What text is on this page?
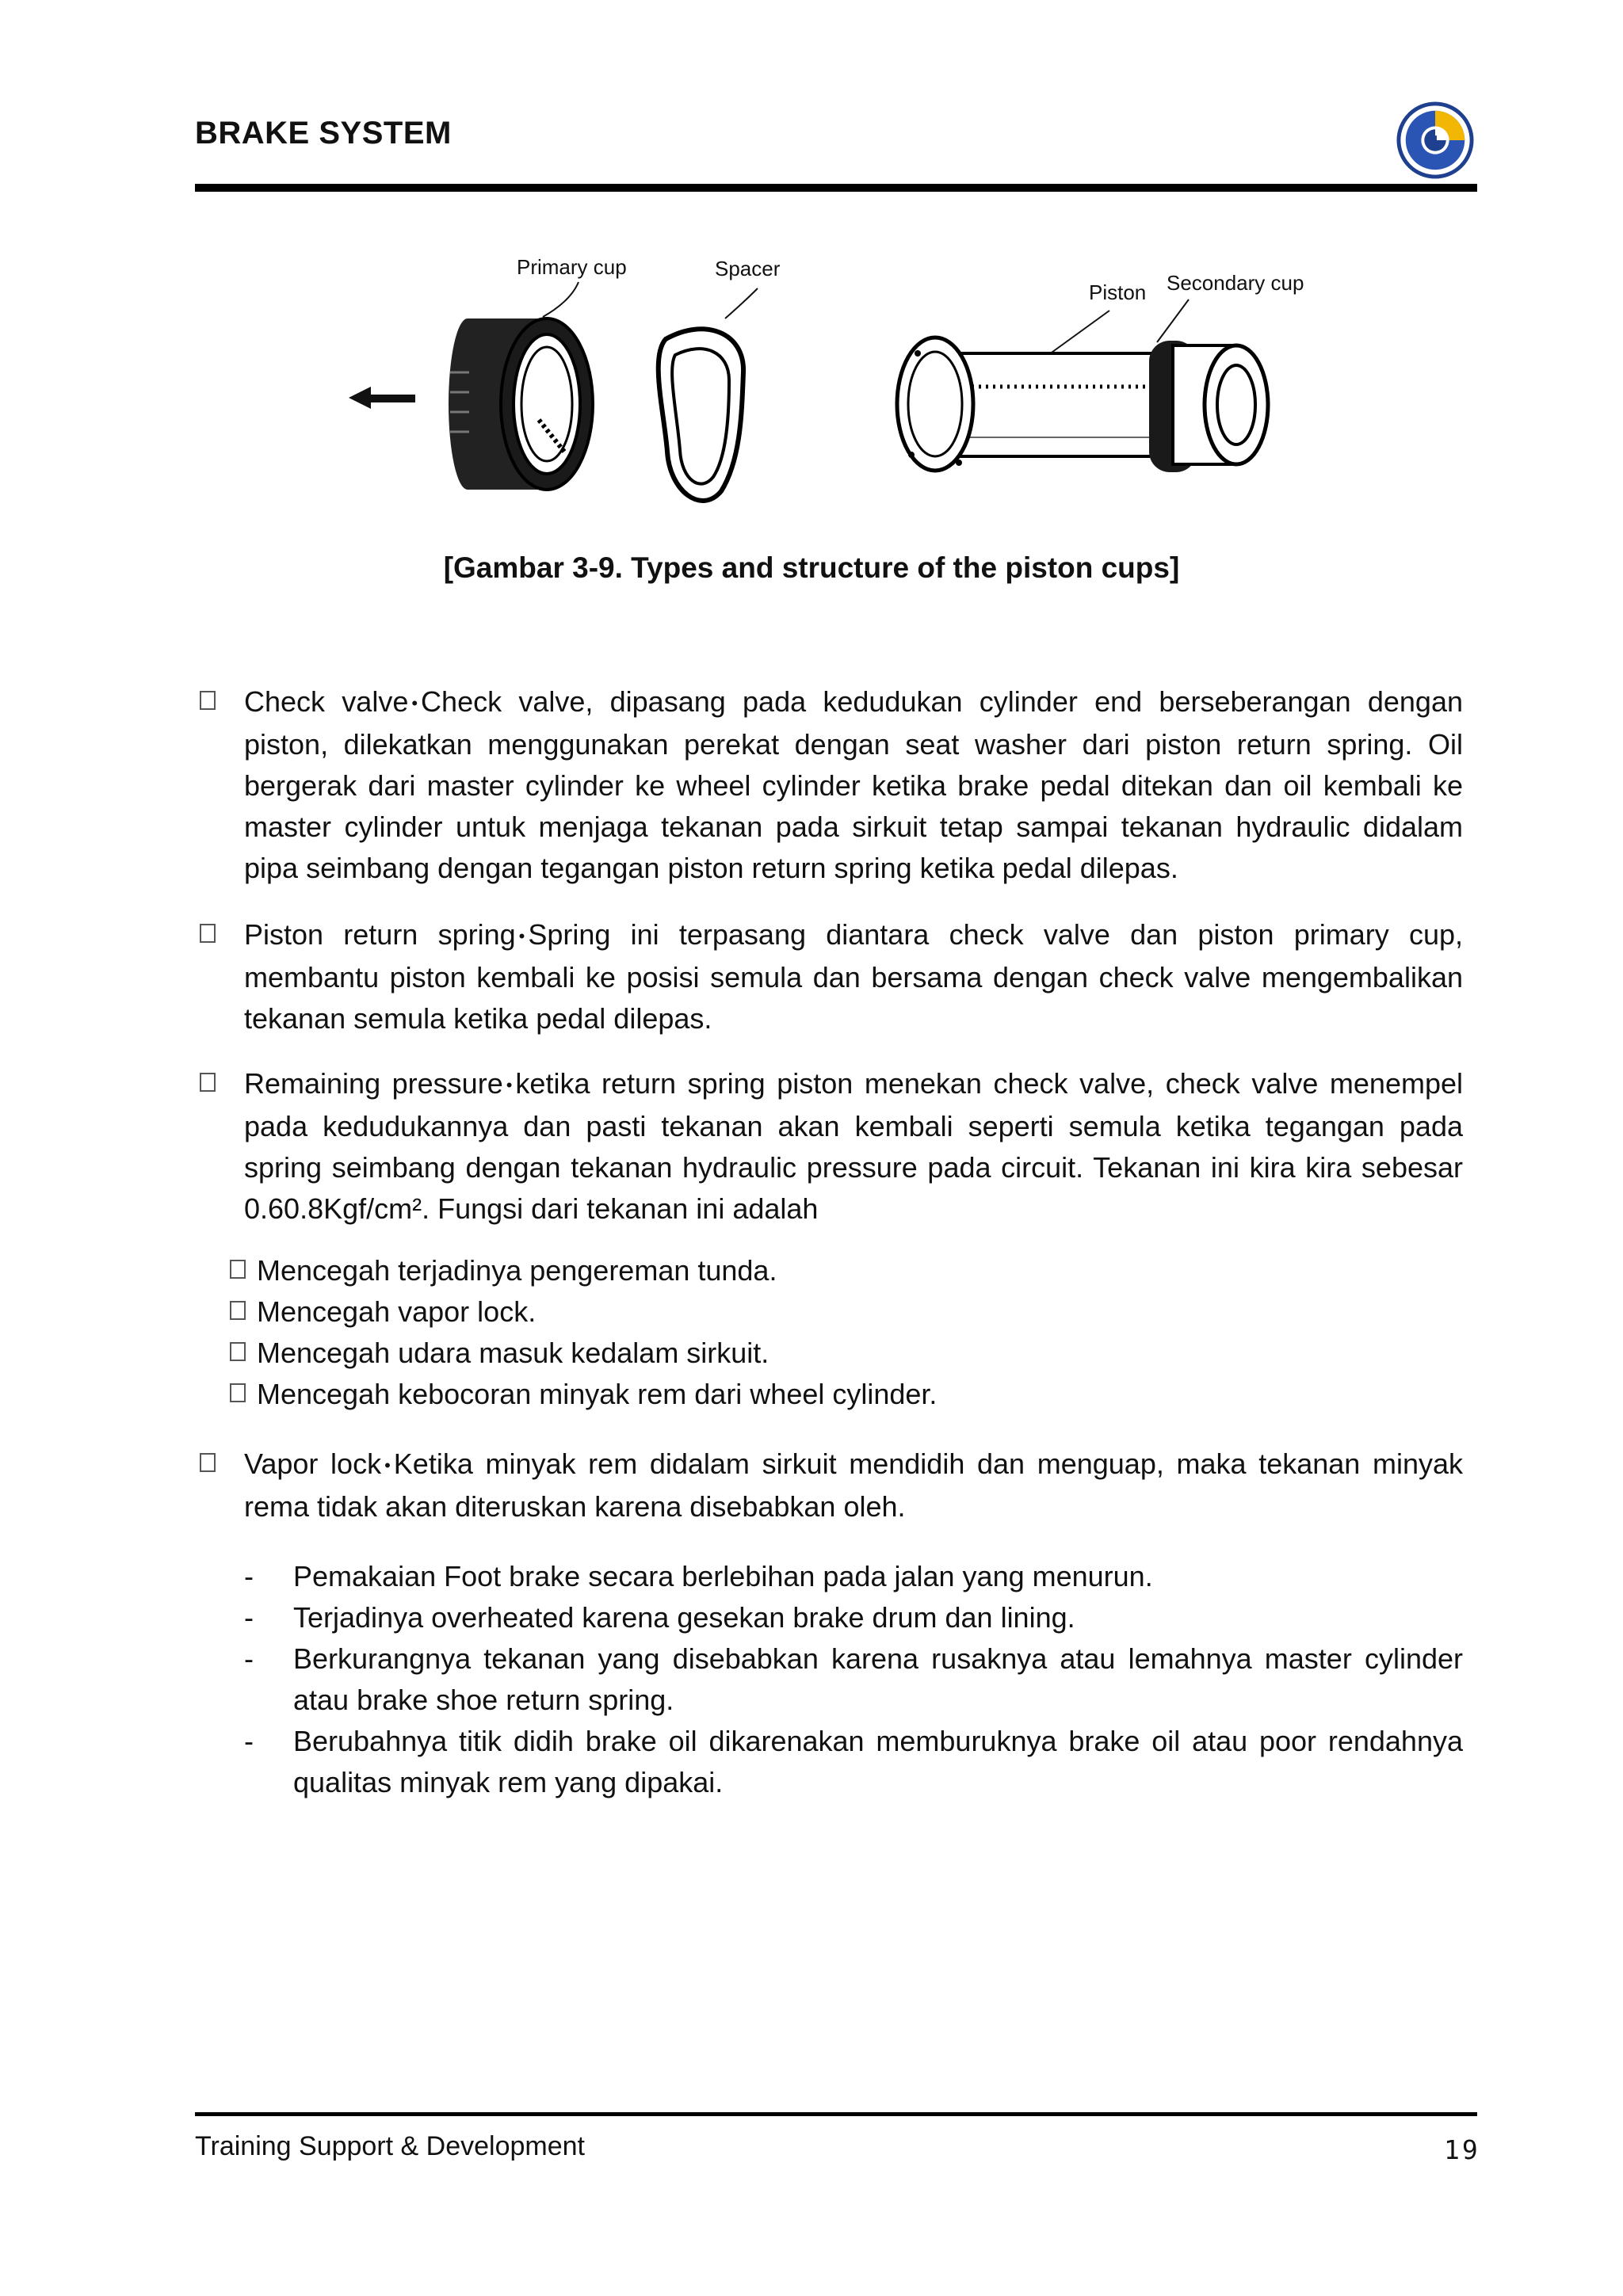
BRAKE SYSTEM
Primary cup	Spacer
Piston Secondary cup
[Gambar 3-9. Types and structure of the piston cups]

Check valve • Check valve, dipasang pada kedudukan cylinder end berseberangan dengan piston, dilekatkan menggunakan perekat dengan seat washer dari piston return spring. Oil bergerak dari master cylinder ke wheel cylinder ketika brake pedal ditekan dan oil kembali ke master cylinder untuk menjaga tekanan pada sirkuit tetap sampai tekanan hydraulic didalam pipa seimbang dengan tegangan piston return spring ketika pedal dilepas.

Piston return spring • Spring ini terpasang diantara check valve dan piston primary cup, membantu piston kembali ke posisi semula dan bersama dengan check valve mengembalikan tekanan semula ketika pedal dilepas.

Remaining pressure • ketika return spring piston menekan check valve, check valve menempel pada kedudukannya dan pasti tekanan akan kembali seperti semula ketika tegangan pada spring seimbang dengan tekanan hydraulic pressure pada circuit. Tekanan ini kira kira sebesar 0.60.8Kgf/cm². Fungsi dari tekanan ini adalah

Mencegah terjadinya pengereman tunda.
Mencegah vapor lock.
Mencegah udara masuk kedalam sirkuit.
Mencegah kebocoran minyak rem dari wheel cylinder.

Vapor lock • Ketika minyak rem didalam sirkuit mendidih dan menguap, maka tekanan minyak rema tidak akan diteruskan karena disebabkan oleh.

- Pemakaian Foot brake secara berlebihan pada jalan yang menurun.
- Terjadinya overheated karena gesekan brake drum dan lining.
- Berkurangnya tekanan yang disebabkan karena rusaknya atau lemahnya master cylinder atau brake shoe return spring.
- Berubahnya titik didih brake oil dikarenakan memburuknya brake oil atau poor rendahnya qualitas minyak rem yang dipakai.
Training Support & Development	19
